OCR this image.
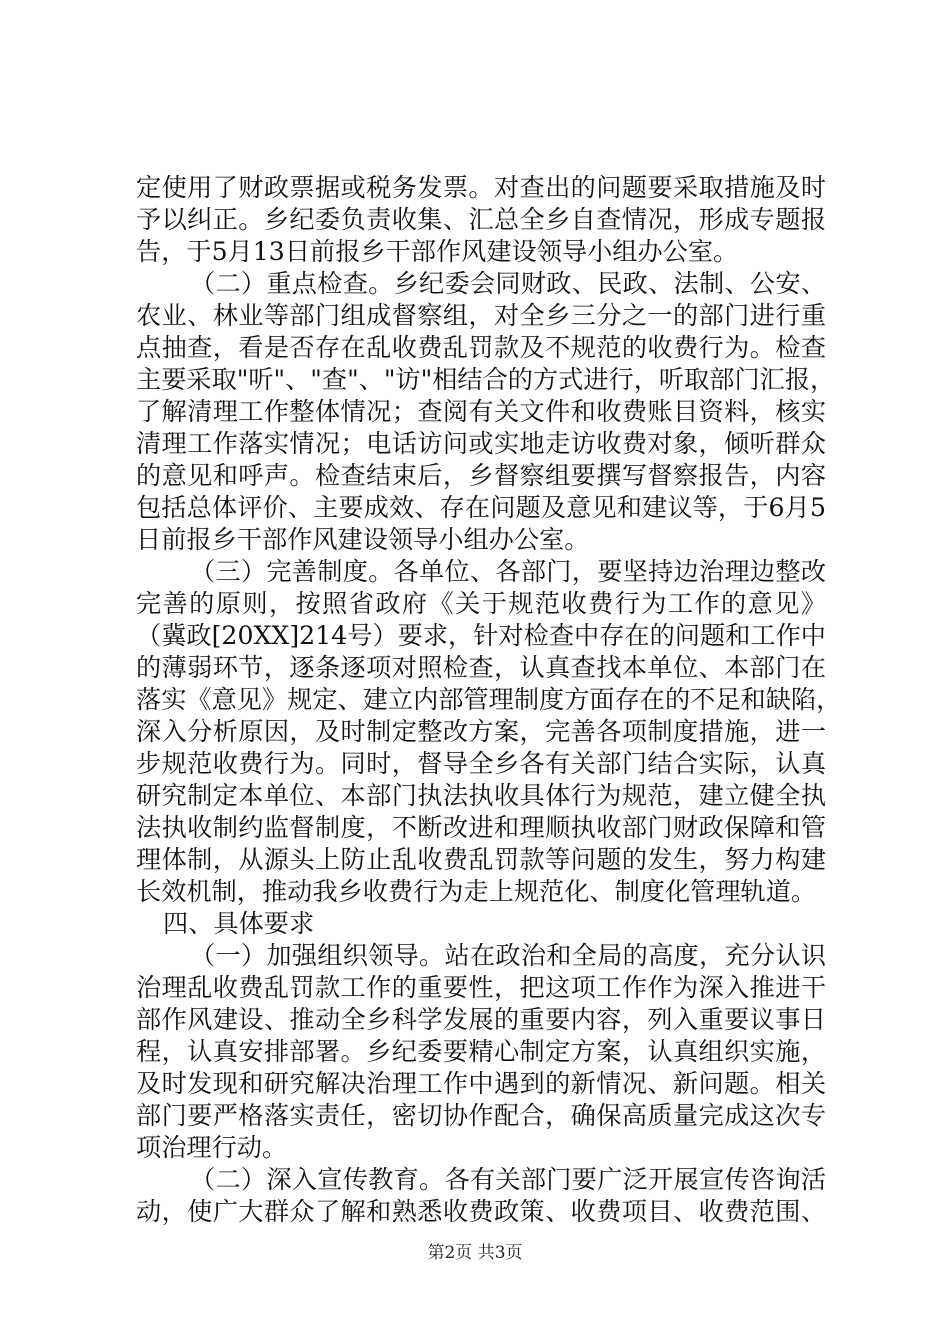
定使用了财政票据或税务发票。对查出的问题要采取措施及时
予以纠正。乡纪委负责收集、汇总全乡自查情况，形成专题报
告，于5月13日前报乡干部作风建设领导小组办公室。
（二）重点检查。乡纪委会同财政、民政、法制、公安、
农业、林业等部门组成督察组，对全乡三分之一的部门进行重
点抽查，看是否存在乱收费乱罚款及不规范的收费行为。检查
主要采取"听"、"查"、"访"相结合的方式进行，听取部门汇报，
了解清理工作整体情况；查阅有关文件和收费账目资料，核实
清理工作落实情况；电话访问或实地走访收费对象，倾听群众
的意见和呼声。检查结束后，乡督察组要撰写督察报告，内容
包括总体评价、主要成效、存在问题及意见和建议等，于6月5
日前报乡干部作风建设领导小组办公室。
（三）完善制度。各单位、各部门，要坚持边治理边整改
完善的原则，按照省政府《关于规范收费行为工作的意见》
（冀政[20XX]214号）要求，针对检查中存在的问题和工作中
的薄弱环节，逐条逐项对照检查，认真查找本单位、本部门在
落实《意见》规定、建立内部管理制度方面存在的不足和缺陷，
深入分析原因，及时制定整改方案，完善各项制度措施，进一
步规范收费行为。同时，督导全乡各有关部门结合实际，认真
研究制定本单位、本部门执法执收具体行为规范，建立健全执
法执收制约监督制度，不断改进和理顺执收部门财政保障和管
理体制，从源头上防止乱收费乱罚款等问题的发生，努力构建
长效机制，推动我乡收费行为走上规范化、制度化管理轨道。
四、具体要求
（一）加强组织领导。站在政治和全局的高度，充分认识
治理乱收费乱罚款工作的重要性，把这项工作作为深入推进干
部作风建设、推动全乡科学发展的重要内容，列入重要议事日
程，认真安排部署。乡纪委要精心制定方案，认真组织实施，
及时发现和研究解决治理工作中遇到的新情况、新问题。相关
部门要严格落实责任，密切协作配合，确保高质量完成这次专
项治理行动。
（二）深入宣传教育。各有关部门要广泛开展宣传咨询活
动，使广大群众了解和熟悉收费政策、收费项目、收费范围、
第2页 共3页
